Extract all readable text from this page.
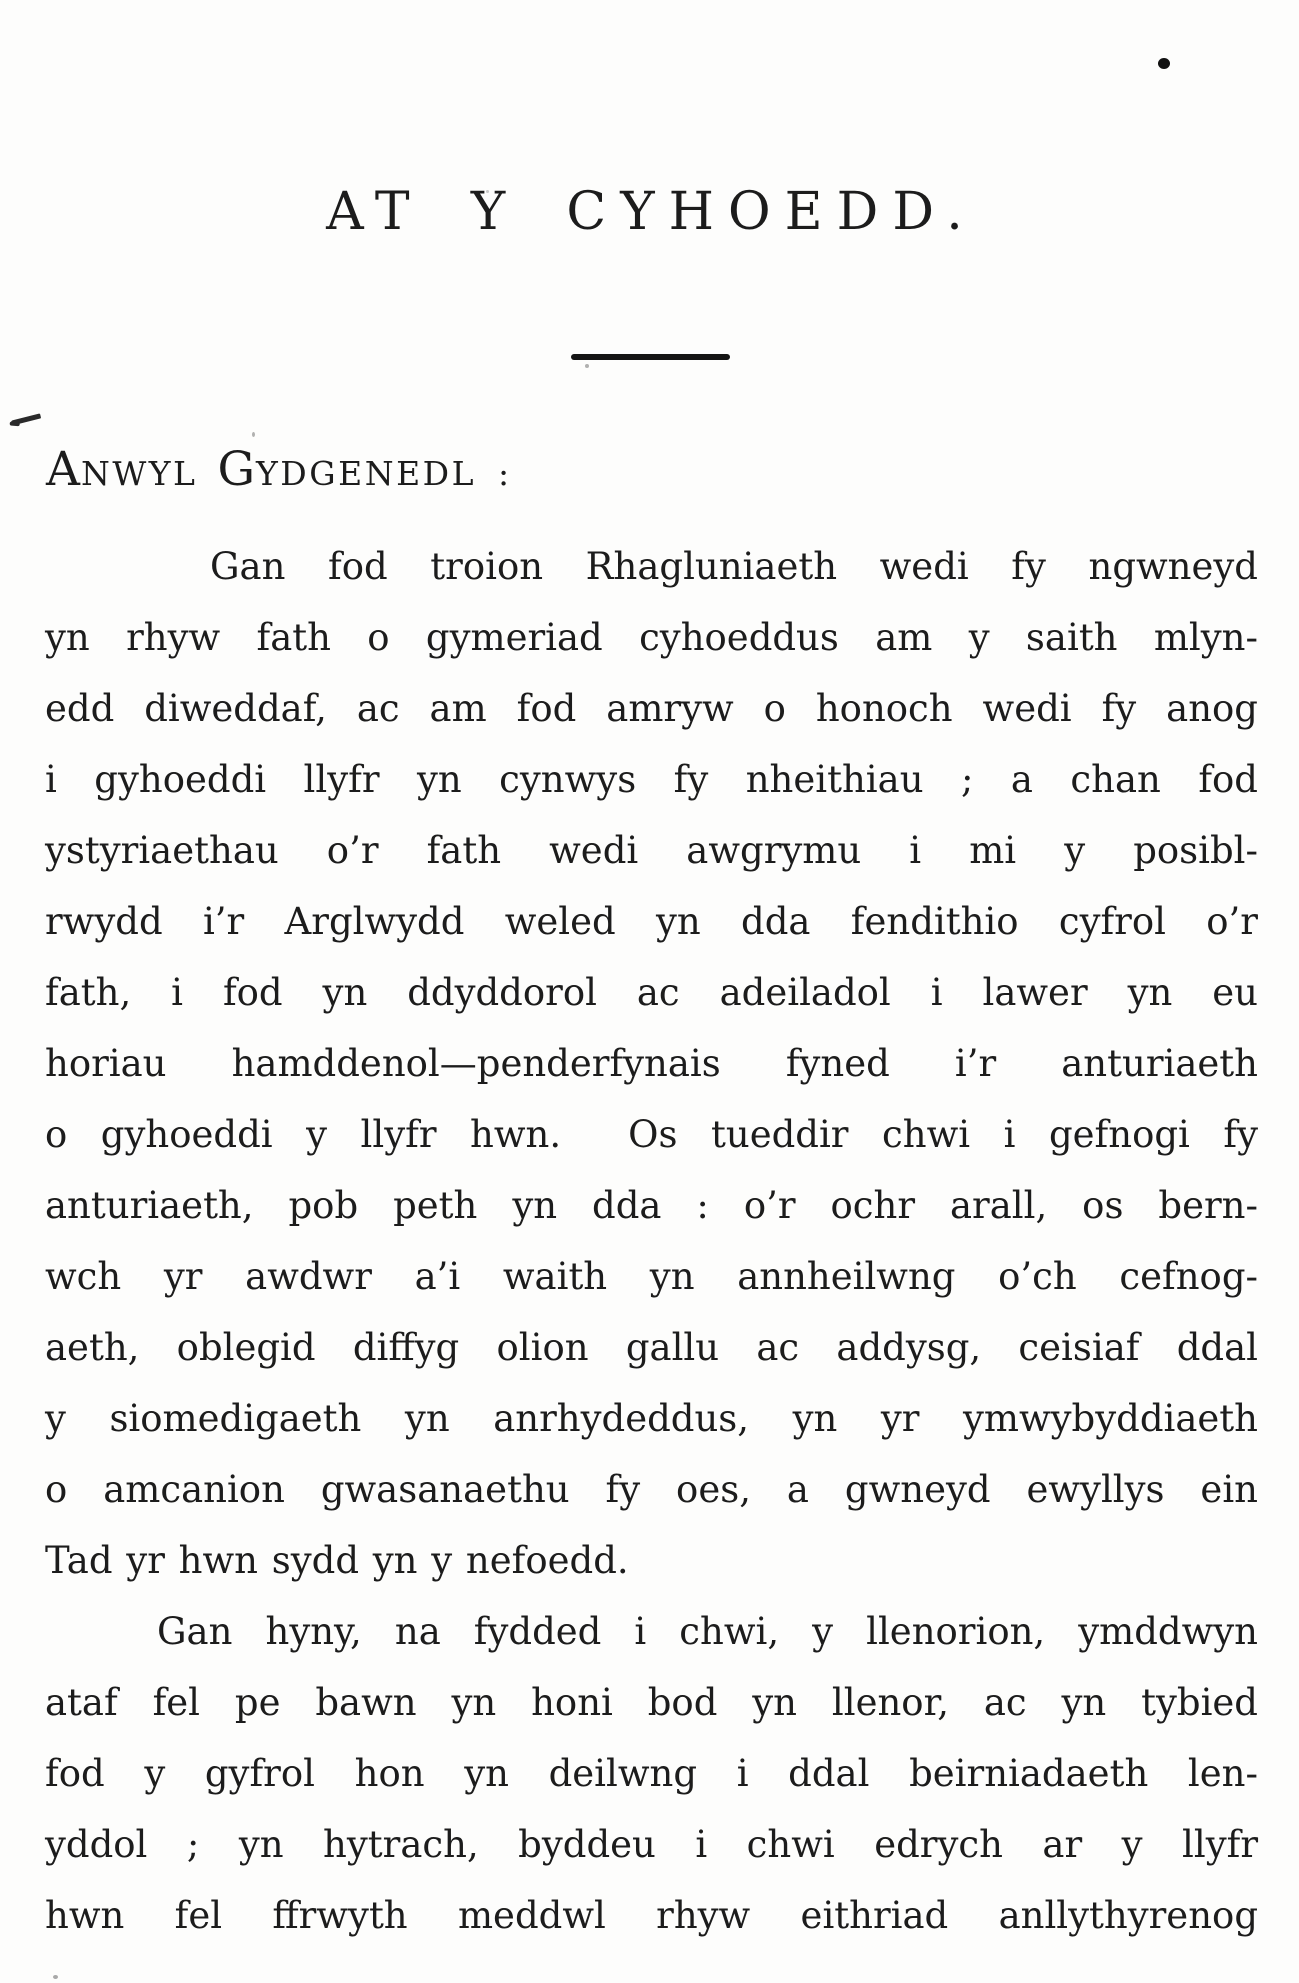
AT Y CYHOEDD.
ANWYL GYDGENEDL :
Gan fod troion Rhagluniaeth wedi fy ngwneyd
yn rhyw fath o gymeriad cyhoeddus am y saith mlyn-
edd diweddaf, ac am fod amryw o honoch wedi fy anog
i gyhoeddi llyfr yn cynwys fy nheithiau ; a chan fod
ystyriaethau o’r fath wedi awgrymu i mi y posibl-
rwydd i’r Arglwydd weled yn dda fendithio cyfrol o’r
fath, i fod yn ddyddorol ac adeiladol i lawer yn eu
horiau hamddenol—penderfynais fyned i’r anturiaeth
o gyhoeddi y llyfr hwn.  Os tueddir chwi i gefnogi fy
anturiaeth, pob peth yn dda : o’r ochr arall, os bern-
wch yr awdwr a’i waith yn annheilwng o’ch cefnog-
aeth, oblegid diffyg olion gallu ac addysg, ceisiaf ddal
y siomedigaeth yn anrhydeddus, yn yr ymwybyddiaeth
o amcanion gwasanaethu fy oes, a gwneyd ewyllys ein
Tad yr hwn sydd yn y nefoedd.
Gan hyny, na fydded i chwi, y llenorion, ymddwyn
ataf fel pe bawn yn honi bod yn llenor, ac yn tybied
fod y gyfrol hon yn deilwng i ddal beirniadaeth len-
yddol ; yn hytrach, byddeu i chwi edrych ar y llyfr
hwn fel ffrwyth meddwl rhyw eithriad anllythyrenog
